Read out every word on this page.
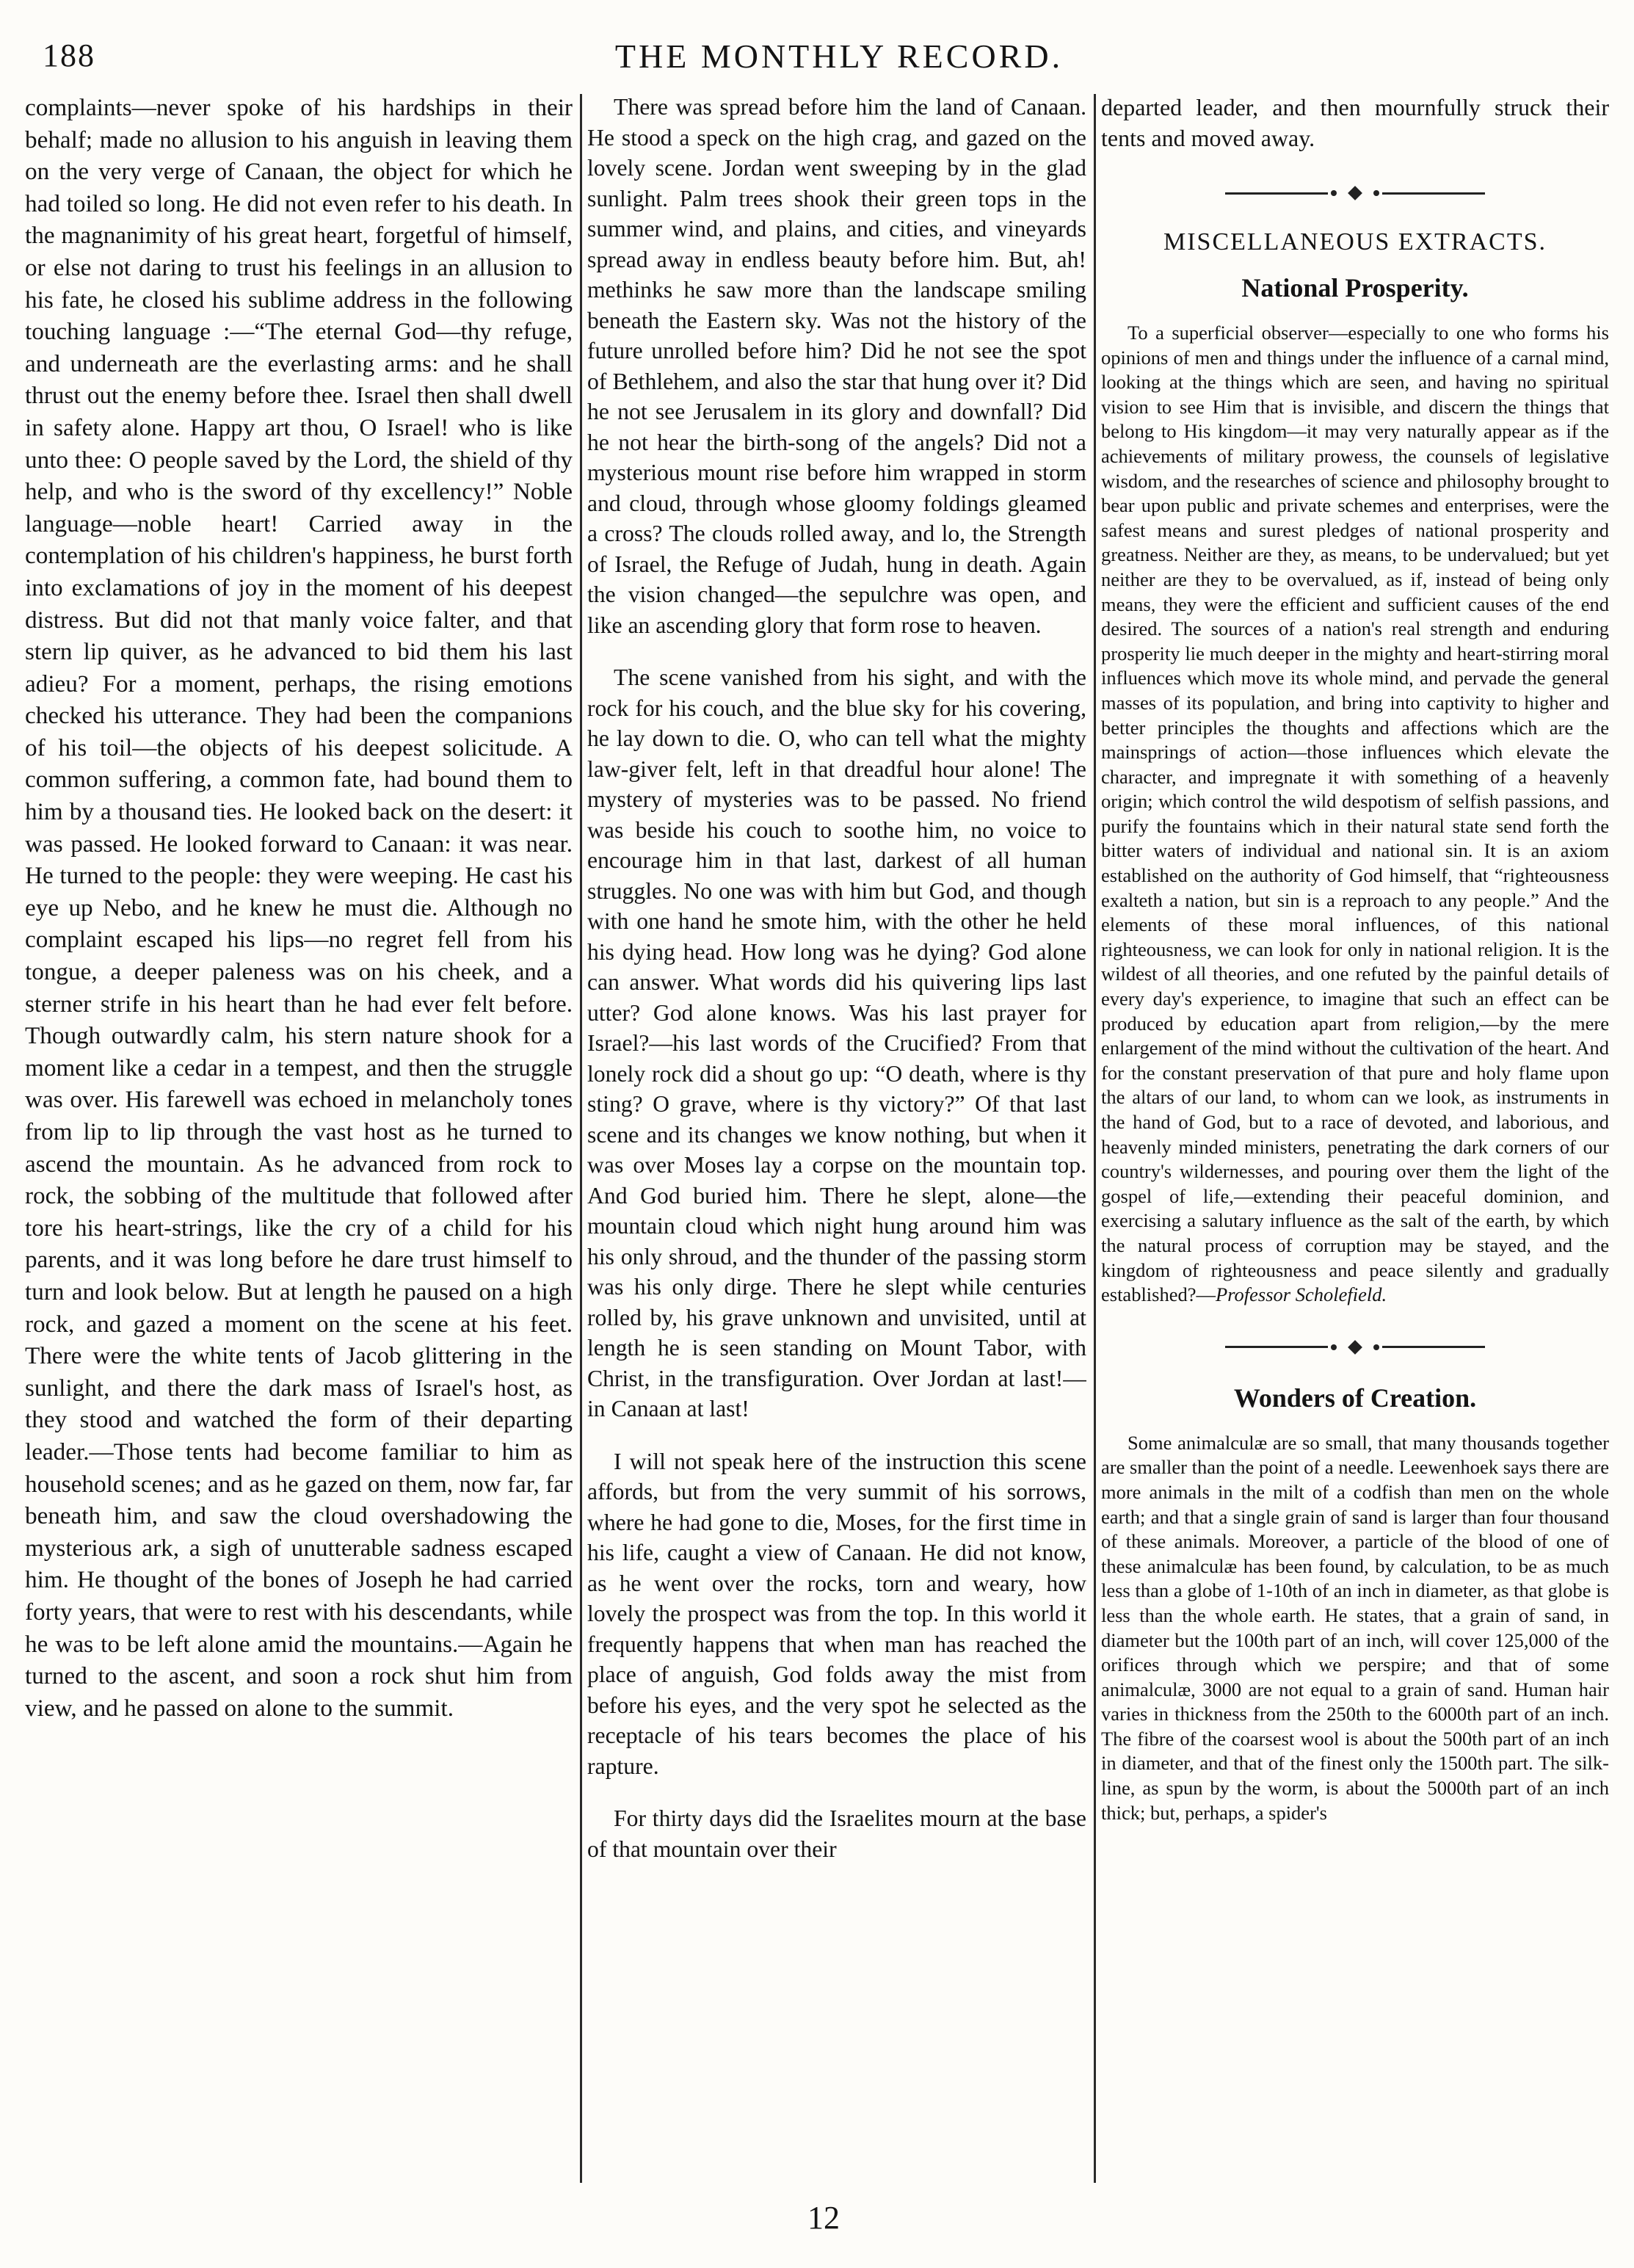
188	THE MONTHLY RECORD.

complaints—never spoke of his hardships in their behalf; made no allusion to his anguish in leaving them on the very verge of Canaan, the object for which he had toiled so long. He did not even refer to his death. In the magnanimity of his great heart, forgetful of himself, or else not daring to trust his feelings in an allusion to his fate, he closed his sublime address in the following touching language :—“The eternal God—thy refuge, and underneath are the everlasting arms: and he shall thrust out the enemy before thee. Israel then shall dwell in safety alone. Happy art thou, O Israel! who is like unto thee: O people saved by the Lord, the shield of thy help, and who is the sword of thy excellency!” Noble language—noble heart! Carried away in the contemplation of his children's happiness, he burst forth into exclamations of joy in the moment of his deepest distress. But did not that manly voice falter, and that stern lip quiver, as he advanced to bid them his last adieu? For a moment, perhaps, the rising emotions checked his utterance. They had been the companions of his toil—the objects of his deepest solicitude. A common suffering, a common fate, had bound them to him by a thousand ties. He looked back on the desert: it was passed. He looked forward to Canaan: it was near. He turned to the people: they were weeping. He cast his eye up Nebo, and he knew he must die. Although no complaint escaped his lips—no regret fell from his tongue, a deeper paleness was on his cheek, and a sterner strife in his heart than he had ever felt before. Though outwardly calm, his stern nature shook for a moment like a cedar in a tempest, and then the struggle was over. His farewell was echoed in melancholy tones from lip to lip through the vast host as he turned to ascend the mountain. As he advanced from rock to rock, the sobbing of the multitude that followed after tore his heart-strings, like the cry of a child for his parents, and it was long before he dare trust himself to turn and look below. But at length he paused on a high rock, and gazed a moment on the scene at his feet. There were the white tents of Jacob glittering in the sunlight, and there the dark mass of Israel's host, as they stood and watched the form of their departing leader.—Those tents had become familiar to him as household scenes; and as he gazed on them, now far, far beneath him, and saw the cloud overshadowing the mysterious ark, a sigh of unutterable sadness escaped him. He thought of the bones of Joseph he had carried forty years, that were to rest with his descendants, while he was to be left alone amid the mountains.—Again he turned to the ascent, and soon a rock shut him from view, and he passed on alone to the summit.

There was spread before him the land of Canaan. He stood a speck on the high crag, and gazed on the lovely scene. Jordan went sweeping by in the glad sunlight. Palm trees shook their green tops in the summer wind, and plains, and cities, and vineyards spread away in endless beauty before him. But, ah! methinks he saw more than the landscape smiling beneath the Eastern sky. Was not the history of the future unrolled before him? Did he not see the spot of Bethlehem, and also the star that hung over it? Did he not see Jerusalem in its glory and downfall? Did he not hear the birth-song of the angels? Did not a mysterious mount rise before him wrapped in storm and cloud, through whose gloomy foldings gleamed a cross? The clouds rolled away, and lo, the Strength of Israel, the Refuge of Judah, hung in death. Again the vision changed—the sepulchre was open, and like an ascending glory that form rose to heaven.

The scene vanished from his sight, and with the rock for his couch, and the blue sky for his covering, he lay down to die. O, who can tell what the mighty law-giver felt, left in that dreadful hour alone! The mystery of mysteries was to be passed. No friend was beside his couch to soothe him, no voice to encourage him in that last, darkest of all human struggles. No one was with him but God, and though with one hand he smote him, with the other he held his dying head. How long was he dying? God alone can answer. What words did his quivering lips last utter? God alone knows. Was his last prayer for Israel?—his last words of the Crucified? From that lonely rock did a shout go up: “O death, where is thy sting? O grave, where is thy victory?” Of that last scene and its changes we know nothing, but when it was over Moses lay a corpse on the mountain top. And God buried him. There he slept, alone—the mountain cloud which night hung around him was his only shroud, and the thunder of the passing storm was his only dirge. There he slept while centuries rolled by, his grave unknown and unvisited, until at length he is seen standing on Mount Tabor, with Christ, in the transfiguration. Over Jordan at last!—in Canaan at last!

I will not speak here of the instruction this scene affords, but from the very summit of his sorrows, where he had gone to die, Moses, for the first time in his life, caught a view of Canaan. He did not know, as he went over the rocks, torn and weary, how lovely the prospect was from the top. In this world it frequently happens that when man has reached the place of anguish, God folds away the mist from before his eyes, and the very spot he selected as the receptacle of his tears becomes the place of his rapture.

For thirty days did the Israelites mourn at the base of that mountain over their

departed leader, and then mournfully struck their tents and moved away.

MISCELLANEOUS EXTRACTS.
National Prosperity.

To a superficial observer—especially to one who forms his opinions of men and things under the influence of a carnal mind, looking at the things which are seen, and having no spiritual vision to see Him that is invisible, and discern the things that belong to His kingdom—it may very naturally appear as if the achievements of military prowess, the counsels of legislative wisdom, and the researches of science and philosophy brought to bear upon public and private schemes and enterprises, were the safest means and surest pledges of national prosperity and greatness. Neither are they, as means, to be undervalued; but yet neither are they to be overvalued, as if, instead of being only means, they were the efficient and sufficient causes of the end desired. The sources of a nation's real strength and enduring prosperity lie much deeper in the mighty and heart-stirring moral influences which move its whole mind, and pervade the general masses of its population, and bring into captivity to higher and better principles the thoughts and affections which are the mainsprings of action—those influences which elevate the character, and impregnate it with something of a heavenly origin; which control the wild despotism of selfish passions, and purify the fountains which in their natural state send forth the bitter waters of individual and national sin. It is an axiom established on the authority of God himself, that “righteousness exalteth a nation, but sin is a reproach to any people.” And the elements of these moral influences, of this national righteousness, we can look for only in national religion. It is the wildest of all theories, and one refuted by the painful details of every day's experience, to imagine that such an effect can be produced by education apart from religion,—by the mere enlargement of the mind without the cultivation of the heart. And for the constant preservation of that pure and holy flame upon the altars of our land, to whom can we look, as instruments in the hand of God, but to a race of devoted, and laborious, and heavenly minded ministers, penetrating the dark corners of our country's wildernesses, and pouring over them the light of the gospel of life,—extending their peaceful dominion, and exercising a salutary influence as the salt of the earth, by which the natural process of corruption may be stayed, and the kingdom of righteousness and peace silently and gradually established?—Professor Scholefield.

Wonders of Creation.

Some animalculæ are so small, that many thousands together are smaller than the point of a needle. Leewenhoek says there are more animals in the milt of a codfish than men on the whole earth; and that a single grain of sand is larger than four thousand of these animals. Moreover, a particle of the blood of one of these animalculæ has been found, by calculation, to be as much less than a globe of 1-10th of an inch in diameter, as that globe is less than the whole earth. He states, that a grain of sand, in diameter but the 100th part of an inch, will cover 125,000 of the orifices through which we perspire; and that of some animalculæ, 3000 are not equal to a grain of sand. Human hair varies in thickness from the 250th to the 6000th part of an inch. The fibre of the coarsest wool is about the 500th part of an inch in diameter, and that of the finest only the 1500th part. The silk-line, as spun by the worm, is about the 5000th part of an inch thick; but, perhaps, a spider's

12
